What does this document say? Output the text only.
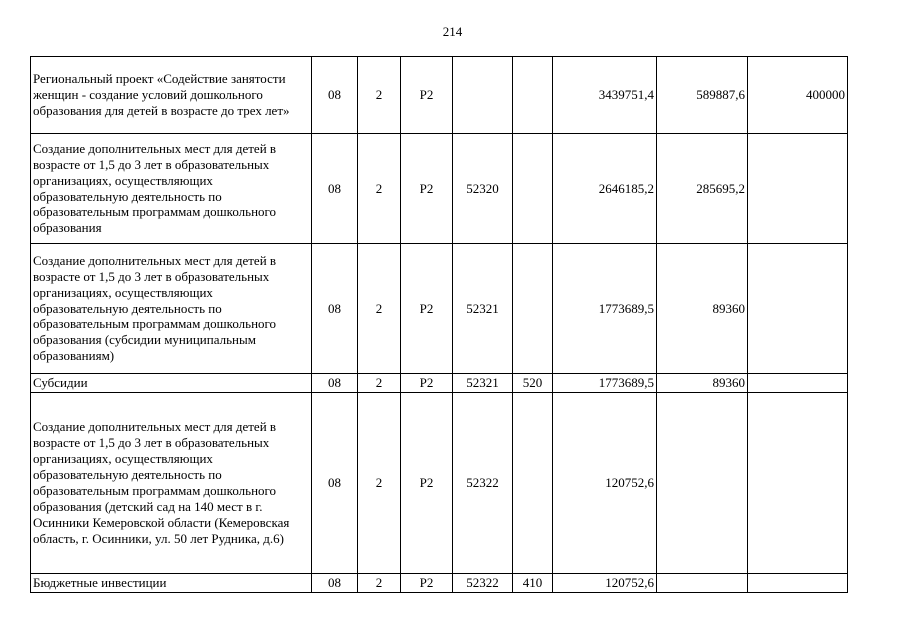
214
Региональный проект «Содействие занятости женщин - создание условий дошкольного образования для детей в возрасте до трех лет»	08	2	P2			3439751,4	589887,6	400000
Создание дополнительных мест для детей в возрасте от 1,5 до 3 лет в образовательных организациях, осуществляющих образовательную деятельность по образовательным программам дошкольного образования	08	2	P2	52320		2646185,2	285695,2	
Создание дополнительных мест для детей в возрасте от 1,5 до 3 лет в образовательных организациях, осуществляющих образовательную деятельность по образовательным программам дошкольного образования (субсидии муниципальным образованиям)	08	2	P2	52321		1773689,5	89360	
Субсидии	08	2	P2	52321	520	1773689,5	89360	
Создание дополнительных мест для детей в возрасте от 1,5 до 3 лет в образовательных организациях, осуществляющих образовательную деятельность по образовательным программам дошкольного образования (детский сад на 140 мест в г. Осинники Кемеровской области (Кемеровская область, г. Осинники, ул. 50 лет Рудника, д.6)	08	2	P2	52322		120752,6		
Бюджетные инвестиции	08	2	P2	52322	410	120752,6		
